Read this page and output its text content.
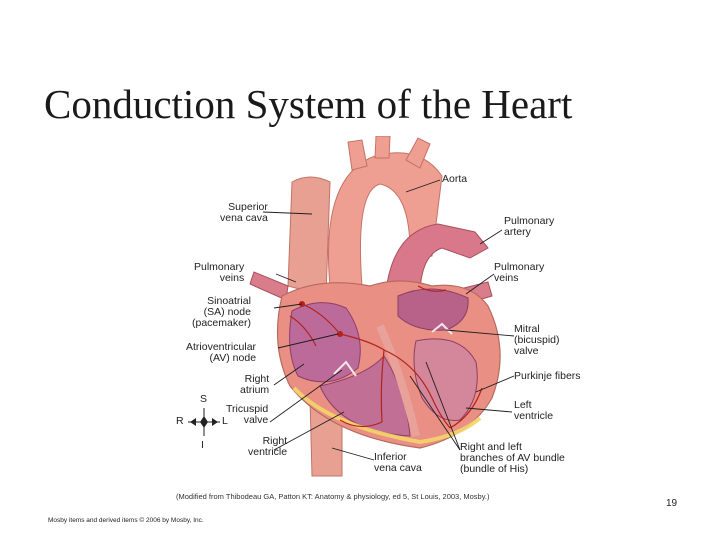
Conduction System of the Heart
Aorta
Superior
vena cava	Pulmonary
artery
Pulmonary
veins
Pulmonary
veins
Sinoatrial
(SA) node
(pacemaker)
Atrioventricular
(AV) node
Right
atrium
Tricuspid
valve
Right
ventricle
Mitral
(bicuspid)
valve
Purkinje fibers
Left
ventricle
Inferior
vena cava
Right and left
branches of AV bundle
(bundle of His)
S
R	L
I
(Modified from Thibodeau GA, Patton KT: Anatomy & physiology, ed 5, St Louis, 2003, Mosby.)
19
Mosby items and derived items © 2006 by Mosby, Inc.
